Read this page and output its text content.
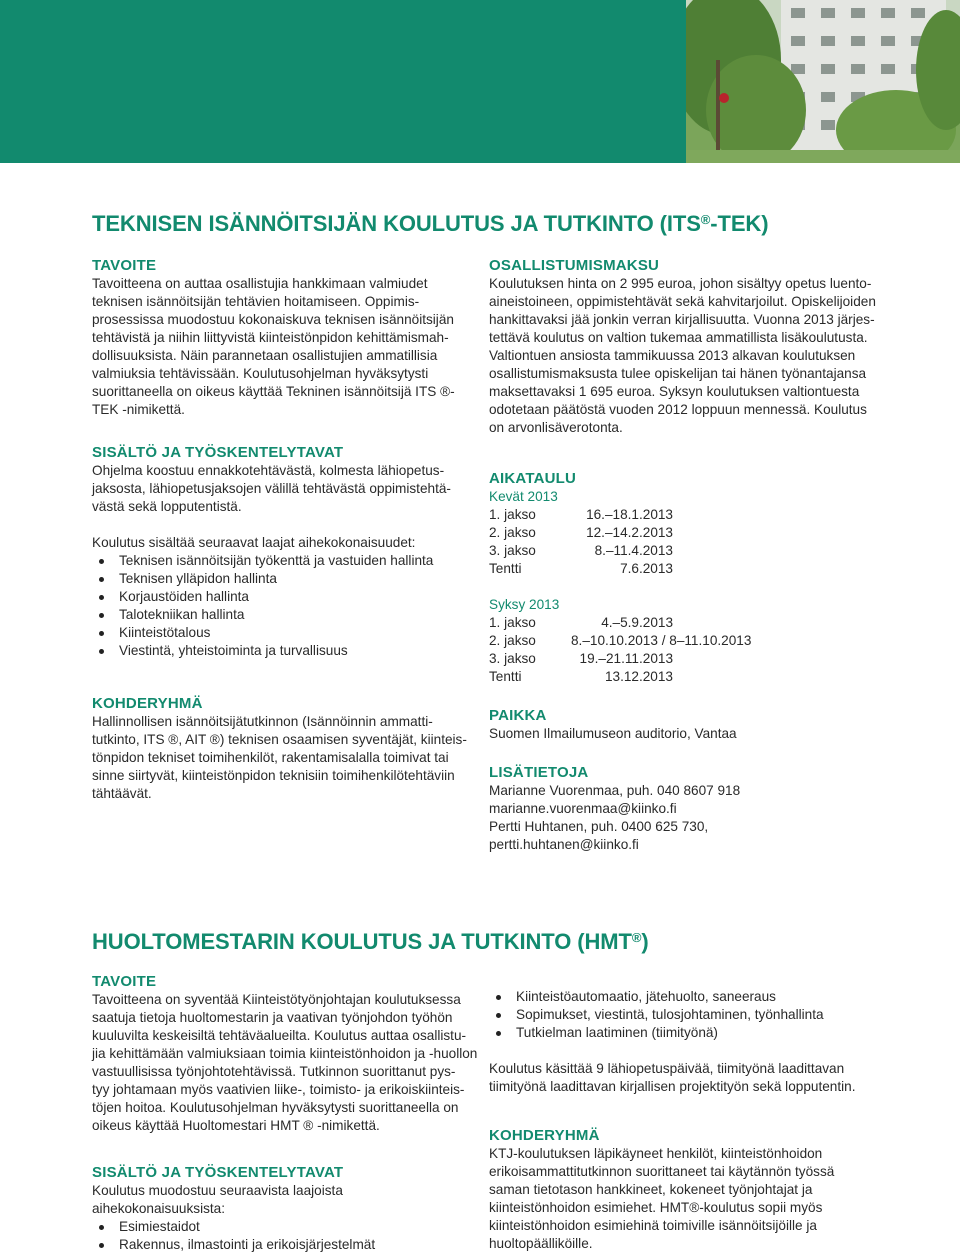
TEKNISEN ISÄNNÖITSIJÄN KOULUTUS JA TUTKINTO (ITS®-TEK)
TAVOITE

Tavoitteena on auttaa osallistujia hankkimaan valmiudet
teknisen isännöitsijän tehtävien hoitamiseen. Oppimis-
prosessissa muodostuu kokonaiskuva teknisen isännöitsijän
tehtävistä ja niihin liittyvistä kiinteistönpidon kehittämismah-
dollisuuksista. Näin parannetaan osallistujien ammatillisia
valmiuksia tehtävissään. Koulutusohjelman hyväksytysti
suorittaneella on oikeus käyttää Tekninen isännöitsijä ITS ®-
TEK -nimikettä.

SISÄLTÖ JA TYÖSKENTELYTAVAT

Ohjelma koostuu ennakkotehtävästä, kolmesta lähiopetus-
jaksosta, lähiopetusjaksojen välillä tehtävästä oppimistehtä-
västä sekä lopputentistä.

Koulutus sisältää seuraavat laajat aihekokonaisuudet:

Teknisen isännöitsijän työkenttä ja vastuiden hallinta
Teknisen ylläpidon hallinta
Korjaustöiden hallinta
Talotekniikan hallinta
Kiinteistötalous
Viestintä, yhteistoiminta ja turvallisuus
KOHDERYHMÄ

Hallinnollisen isännöitsijätutkinnon (Isännöinnin ammatti-
tutkinto, ITS ®, AIT ®) teknisen osaamisen syventäjät, kiinteis-
tönpidon tekniset toimihenkilöt, rakentamisalalla toimivat tai
sinne siirtyvät, kiinteistönpidon teknisiin toimihenkilötehtäviin
tähtäävät.

OSALLISTUMISMAKSU

Koulutuksen hinta on 2 995 euroa, johon sisältyy opetus luento-
aineistoineen, oppimistehtävät sekä kahvitarjoilut. Opiskelijoiden
hankittavaksi jää jonkin verran kirjallisuutta. Vuonna 2013 järjes-
tettävä koulutus on valtion tukemaa ammatillista lisäkoulutusta.
Valtiontuen ansiosta tammikuussa 2013 alkavan koulutuksen
osallistumismaksusta tulee opiskelijan tai hänen työnantajansa
maksettavaksi 1 695 euroa. Syksyn koulutuksen valtiontuesta
odotetaan päätöstä vuoden 2012 loppuun mennessä. Koulutus
on arvonlisäverotonta.

AIKATAULU

Kevät 2013

1. jakso	16.–18.1.2013
2. jakso	12.–14.2.2013
3. jakso	8.–11.4.2013
Tentti	7.6.2013

Syksy 2013

1. jakso	4.–5.9.2013
2. jakso	8.–10.10.2013 / 8–11.10.2013
3. jakso	19.–21.11.2013
Tentti	13.12.2013
PAIKKA

Suomen Ilmailumuseon auditorio, Vantaa

LISÄTIETOJA

Marianne Vuorenmaa, puh. 040 8607 918

marianne.vuorenmaa@kiinko.fi

Pertti Huhtanen, puh. 0400 625 730,

pertti.huhtanen@kiinko.fi

HUOLTOMESTARIN KOULUTUS JA TUTKINTO (HMT®)
TAVOITE

Tavoitteena on syventää Kiinteistötyönjohtajan koulutuksessa
saatuja tietoja huoltomestarin ja vaativan työnjohdon työhön
kuuluvilta keskeisiltä tehtäväalueilta. Koulutus auttaa osallistu-
jia kehittämään valmiuksiaan toimia kiinteistönhoidon ja -huollon
vastuullisissa työnjohtotehtävissä. Tutkinnon suorittanut pys-
tyy johtamaan myös vaativien liike-, toimisto- ja erikoiskiinteis-
töjen hoitoa. Koulutusohjelman hyväksytysti suorittaneella on
oikeus käyttää Huoltomestari HMT ® -nimikettä.

SISÄLTÖ JA TYÖSKENTELYTAVAT

Koulutus muodostuu seuraavista laajoista
aihekokonaisuuksista:

Esimiestaidot
Rakennus, ilmastointi ja erikoisjärjestelmät
Kiinteistöautomaatio, jätehuolto, saneeraus
Sopimukset, viestintä, tulosjohtaminen, työnhallinta
Tutkielman laatiminen (tiimityönä)

Koulutus käsittää 9 lähiopetuspäivää, tiimityönä laadittavan
tiimityönä laadittavan kirjallisen projektityön sekä lopputentin.

KOHDERYHMÄ

KTJ-koulutuksen läpikäyneet henkilöt, kiinteistönhoidon
erikoisammattitutkinnon suorittaneet tai käytännön työssä
saman tietotason hankkineet, kokeneet työnjohtajat ja
kiinteistönhoidon esimiehet. HMT®-koulutus sopii myös
kiinteistönhoidon esimiehinä toimiville isännöitsijöille ja
huoltopäälliköille.
